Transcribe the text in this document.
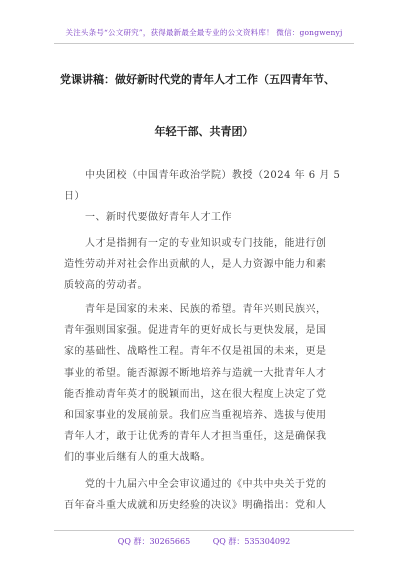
关注头条号“公文研究”，获得最新最全最专业的公文资料库！ 微信：gongwenyj
党课讲稿：做好新时代党的青年人才工作（五四青年节、
年轻干部、共青团）
中央团校（中国青年政治学院）教授（2024 年 6 月 5
日）
一、新时代要做好青年人才工作
人才是指拥有一定的专业知识或专门技能，能进行创
造性劳动并对社会作出贡献的人，是人力资源中能力和素
质较高的劳动者。
青年是国家的未来、民族的希望。青年兴则民族兴，
青年强则国家强。促进青年的更好成长与更快发展，是国
家的基础性、战略性工程。青年不仅是祖国的未来，更是
事业的希望。能否源源不断地培养与造就一大批青年人才
能否推动青年英才的脱颖而出，这在很大程度上决定了党
和国家事业的发展前景。我们应当重视培养、选拔与使用
青年人才，敢于让优秀的青年人才担当重任，这是确保我
们的事业后继有人的重大战略。
党的十九届六中全会审议通过的《中共中央关于党的
百年奋斗重大成就和历史经验的决议》明确指出：党和人
QQ 群：30265665	QQ 群：535304092
